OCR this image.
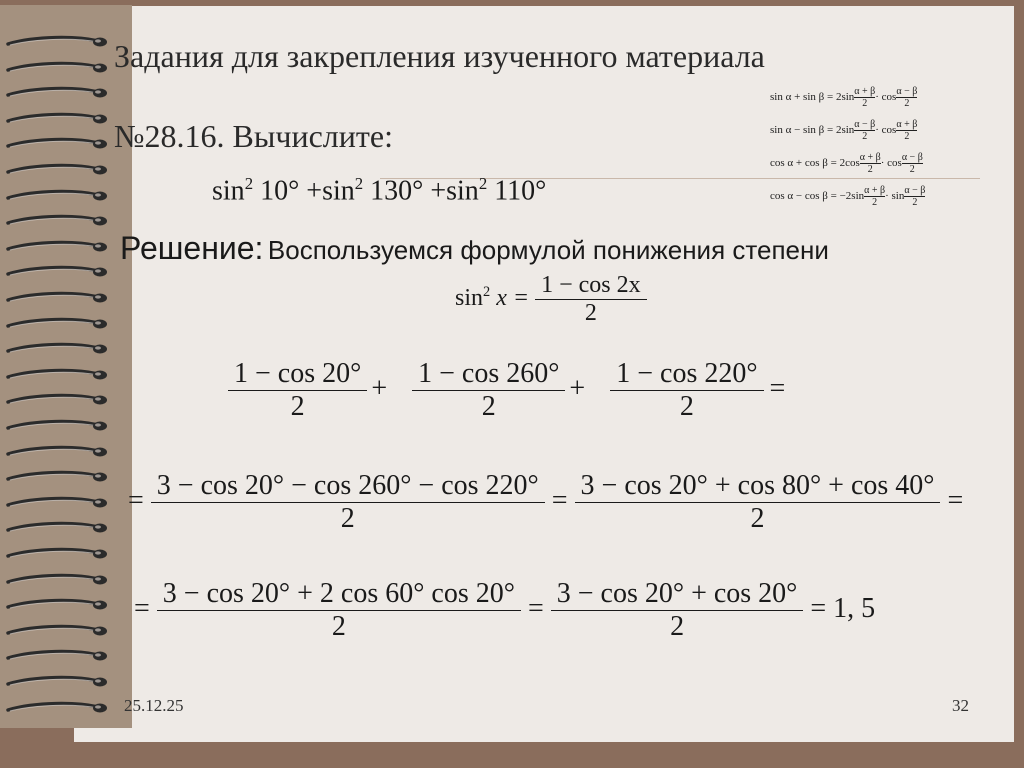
Задания для закрепления изученного материала
№28.16. Вычислите:
$\sin^2 10^\circ +\sin^2$ $130^\circ +\sin^2$ 110°
$\sin \alpha + \sin \beta = 2\sin \frac{\alpha + \beta}{2} \cdot \cos \frac{\alpha - \beta}{2}$
$\sin \alpha - \sin \beta = 2\sin \frac{\alpha - \beta}{2} \cdot \cos \frac{\alpha + \beta}{2}$
$\cos \alpha + \cos \beta = 2\cos \frac{\alpha + \beta}{2} \cdot \cos \frac{\alpha - \beta}{2}$
$\cos \alpha - \cos \beta = -2\sin \frac{\alpha + \beta}{2} \cdot \sin \frac{\alpha - \beta}{2}$
Решение: Воспользуемся формулой понижения степени
$\sin^2 x = \frac{1 - \cos 2x}{2}$
$\frac{1 - \cos 20^\circ}{2} + \frac{1 - \cos 260^\circ}{2} + \frac{1 - \cos 220^\circ}{2}$ =
= $\frac{3 - \cos 20^\circ - \cos 260^\circ - \cos 220^\circ}{2} = \frac{3 - \cos 20^\circ + \cos 80^\circ + \cos 40^\circ}{2}$ =
= $\frac{3 - \cos 20^\circ + 2 \cos 60^\circ \cos 20^\circ}{2} = \frac{3 - \cos 20^\circ + \cos 20^\circ}{2} = 1$, 5
25.12.25	32
